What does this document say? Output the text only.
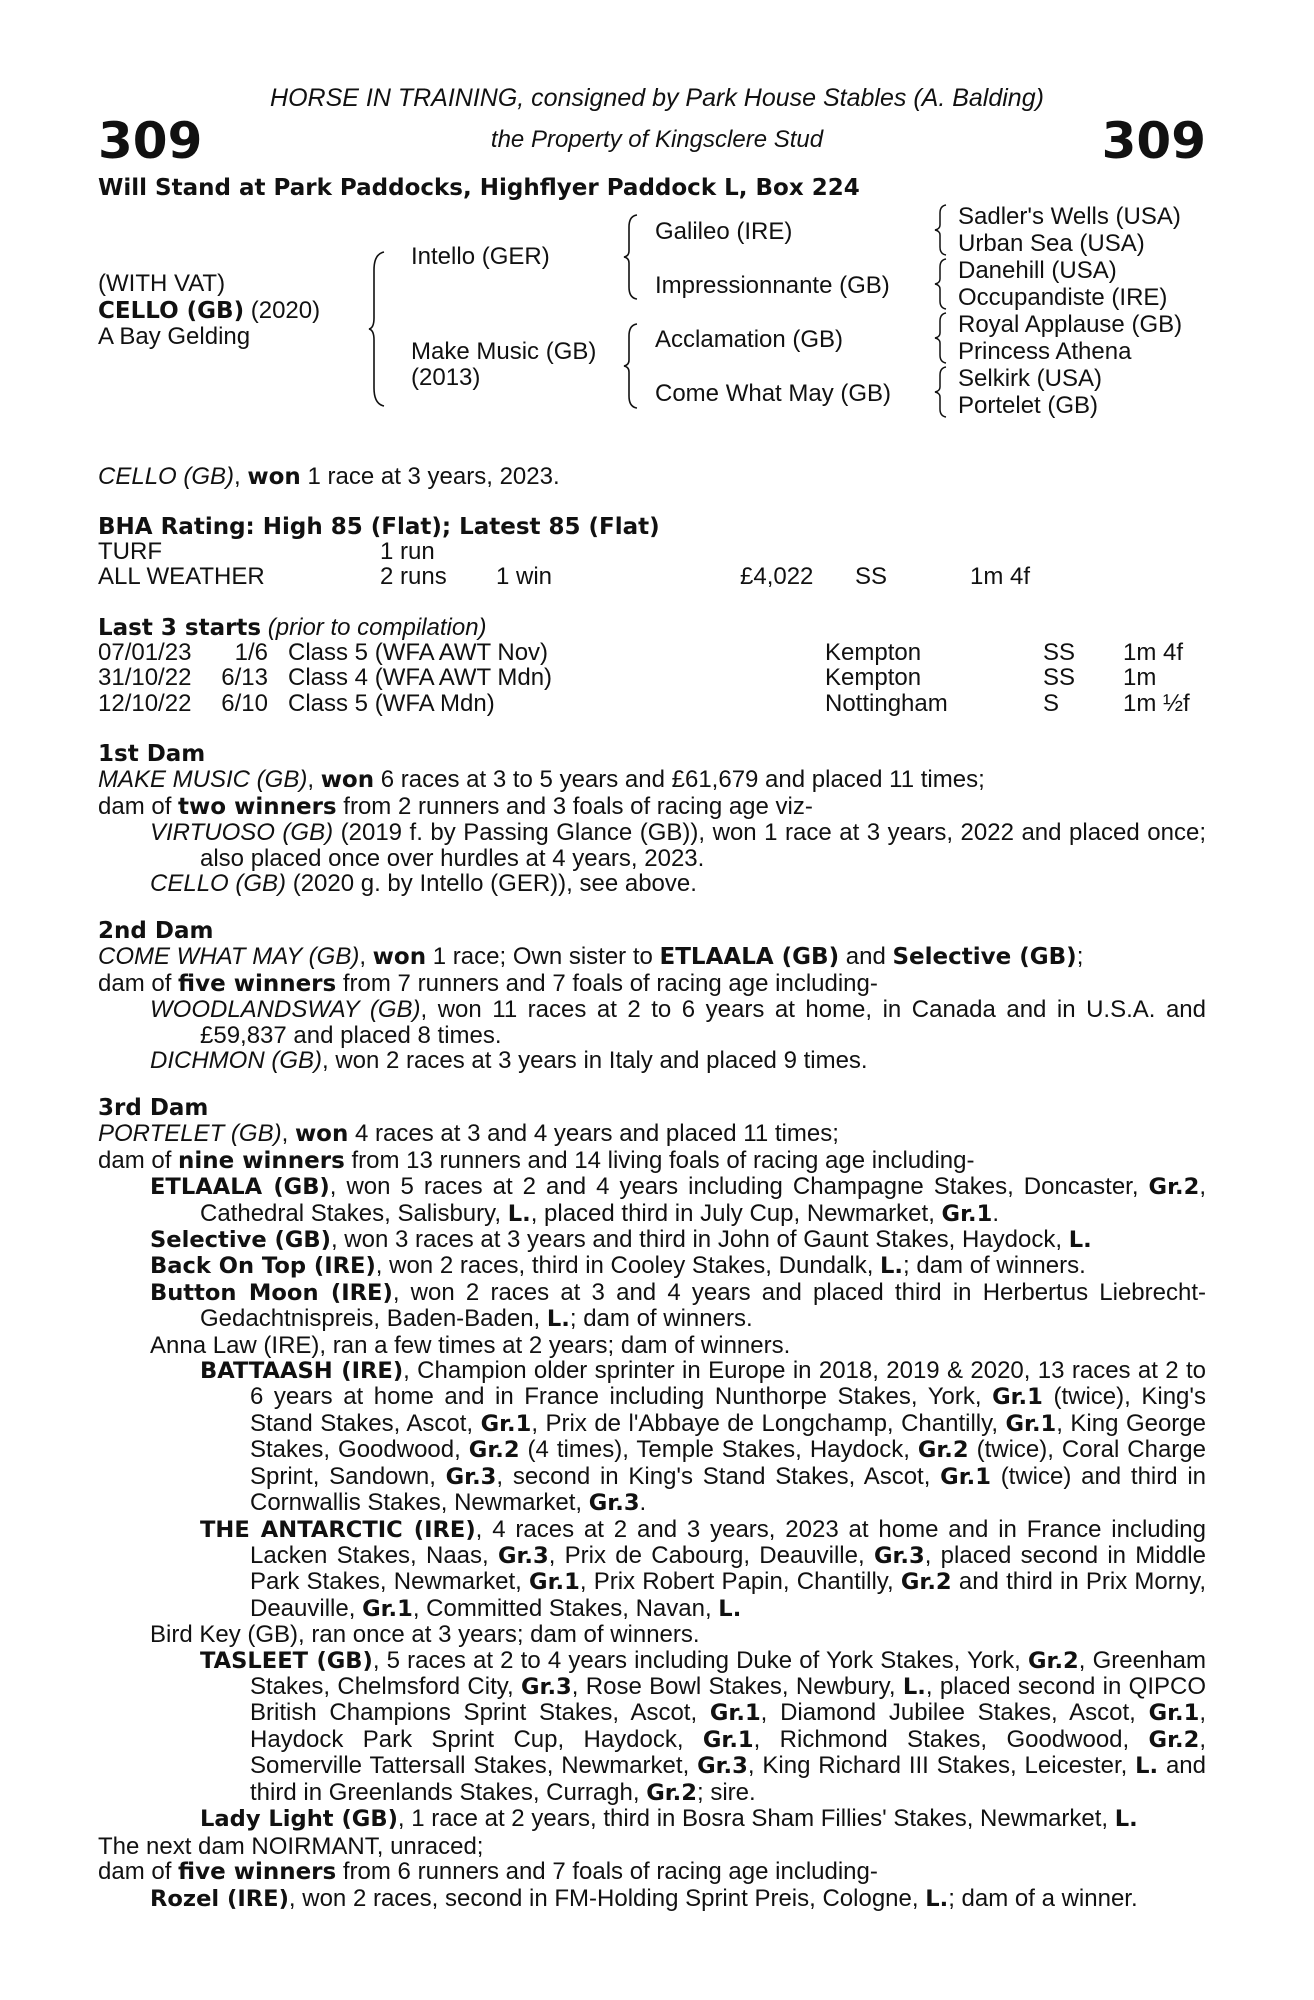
309	309
HORSE IN TRAINING, consigned by Park House Stables (A. Balding)
the Property of Kingsclere Stud
Will Stand at Park Paddocks, Highflyer Paddock L, Box 224
(WITH VAT)
CELLO (GB) (2020)
A Bay Gelding
Intello (GER)
Make Music (GB)
(2013)
Galileo (IRE)
Impressionnante (GB)
Acclamation (GB)
Come What May (GB)
Sadler's Wells (USA)
Urban Sea (USA)
Danehill (USA)
Occupandiste (IRE)
Royal Applause (GB)
Princess Athena
Selkirk (USA)
Portelet (GB)
CELLO (GB), won 1 race at 3 years, 2023.
BHA Rating: High 85 (Flat); Latest 85 (Flat)
TURF	1 run				
ALL WEATHER	2 runs	1 win	£4,022	SS	1m 4f
Last 3 starts (prior to compilation)
07/01/23	1/6	Class 5 (WFA AWT Nov)	Kempton	SS	1m 4f
31/10/22	6/13	Class 4 (WFA AWT Mdn)	Kempton	SS	1m
12/10/22	6/10	Class 5 (WFA Mdn)	Nottingham	S	1m ½f

1st Dam

MAKE MUSIC (GB), won 6 races at 3 to 5 years and £61,679 and placed 11 times;

dam of two winners from 2 runners and 3 foals of racing age viz-

VIRTUOSO (GB) (2019 f. by Passing Glance (GB)), won 1 race at 3 years, 2022 and placed once; also placed once over hurdles at 4 years, 2023.

CELLO (GB) (2020 g. by Intello (GER)), see above.

2nd Dam

COME WHAT MAY (GB), won 1 race; Own sister to ETLAALA (GB) and Selective (GB);

dam of five winners from 7 runners and 7 foals of racing age including-

WOODLANDSWAY (GB), won 11 races at 2 to 6 years at home, in Canada and in U.S.A. and £59,837 and placed 8 times.

DICHMON (GB), won 2 races at 3 years in Italy and placed 9 times.

3rd Dam

PORTELET (GB), won 4 races at 3 and 4 years and placed 11 times;

dam of nine winners from 13 runners and 14 living foals of racing age including-

ETLAALA (GB), won 5 races at 2 and 4 years including Champagne Stakes, Doncaster, Gr.2, Cathedral Stakes, Salisbury, L., placed third in July Cup, Newmarket, Gr.1.

Selective (GB), won 3 races at 3 years and third in John of Gaunt Stakes, Haydock, L.

Back On Top (IRE), won 2 races, third in Cooley Stakes, Dundalk, L.; dam of winners.

Button Moon (IRE), won 2 races at 3 and 4 years and placed third in Herbertus Liebrecht-Gedachtnispreis, Baden-Baden, L.; dam of winners.

Anna Law (IRE), ran a few times at 2 years; dam of winners.

BATTAASH (IRE), Champion older sprinter in Europe in 2018, 2019 & 2020, 13 races at 2 to 6 years at home and in France including Nunthorpe Stakes, York, Gr.1 (twice), King's Stand Stakes, Ascot, Gr.1, Prix de l'Abbaye de Longchamp, Chantilly, Gr.1, King George Stakes, Goodwood, Gr.2 (4 times), Temple Stakes, Haydock, Gr.2 (twice), Coral Charge Sprint, Sandown, Gr.3, second in King's Stand Stakes, Ascot, Gr.1 (twice) and third in Cornwallis Stakes, Newmarket, Gr.3.

THE ANTARCTIC (IRE), 4 races at 2 and 3 years, 2023 at home and in France including Lacken Stakes, Naas, Gr.3, Prix de Cabourg, Deauville, Gr.3, placed second in Middle Park Stakes, Newmarket, Gr.1, Prix Robert Papin, Chantilly, Gr.2 and third in Prix Morny, Deauville, Gr.1, Committed Stakes, Navan, L.

Bird Key (GB), ran once at 3 years; dam of winners.

TASLEET (GB), 5 races at 2 to 4 years including Duke of York Stakes, York, Gr.2, Greenham Stakes, Chelmsford City, Gr.3, Rose Bowl Stakes, Newbury, L., placed second in QIPCO British Champions Sprint Stakes, Ascot, Gr.1, Diamond Jubilee Stakes, Ascot, Gr.1, Haydock Park Sprint Cup, Haydock, Gr.1, Richmond Stakes, Goodwood, Gr.2, Somerville Tattersall Stakes, Newmarket, Gr.3, King Richard III Stakes, Leicester, L. and third in Greenlands Stakes, Curragh, Gr.2; sire.

Lady Light (GB), 1 race at 2 years, third in Bosra Sham Fillies' Stakes, Newmarket, L.

The next dam NOIRMANT, unraced;

dam of five winners from 6 runners and 7 foals of racing age including-

Rozel (IRE), won 2 races, second in FM-Holding Sprint Preis, Cologne, L.; dam of a winner.
